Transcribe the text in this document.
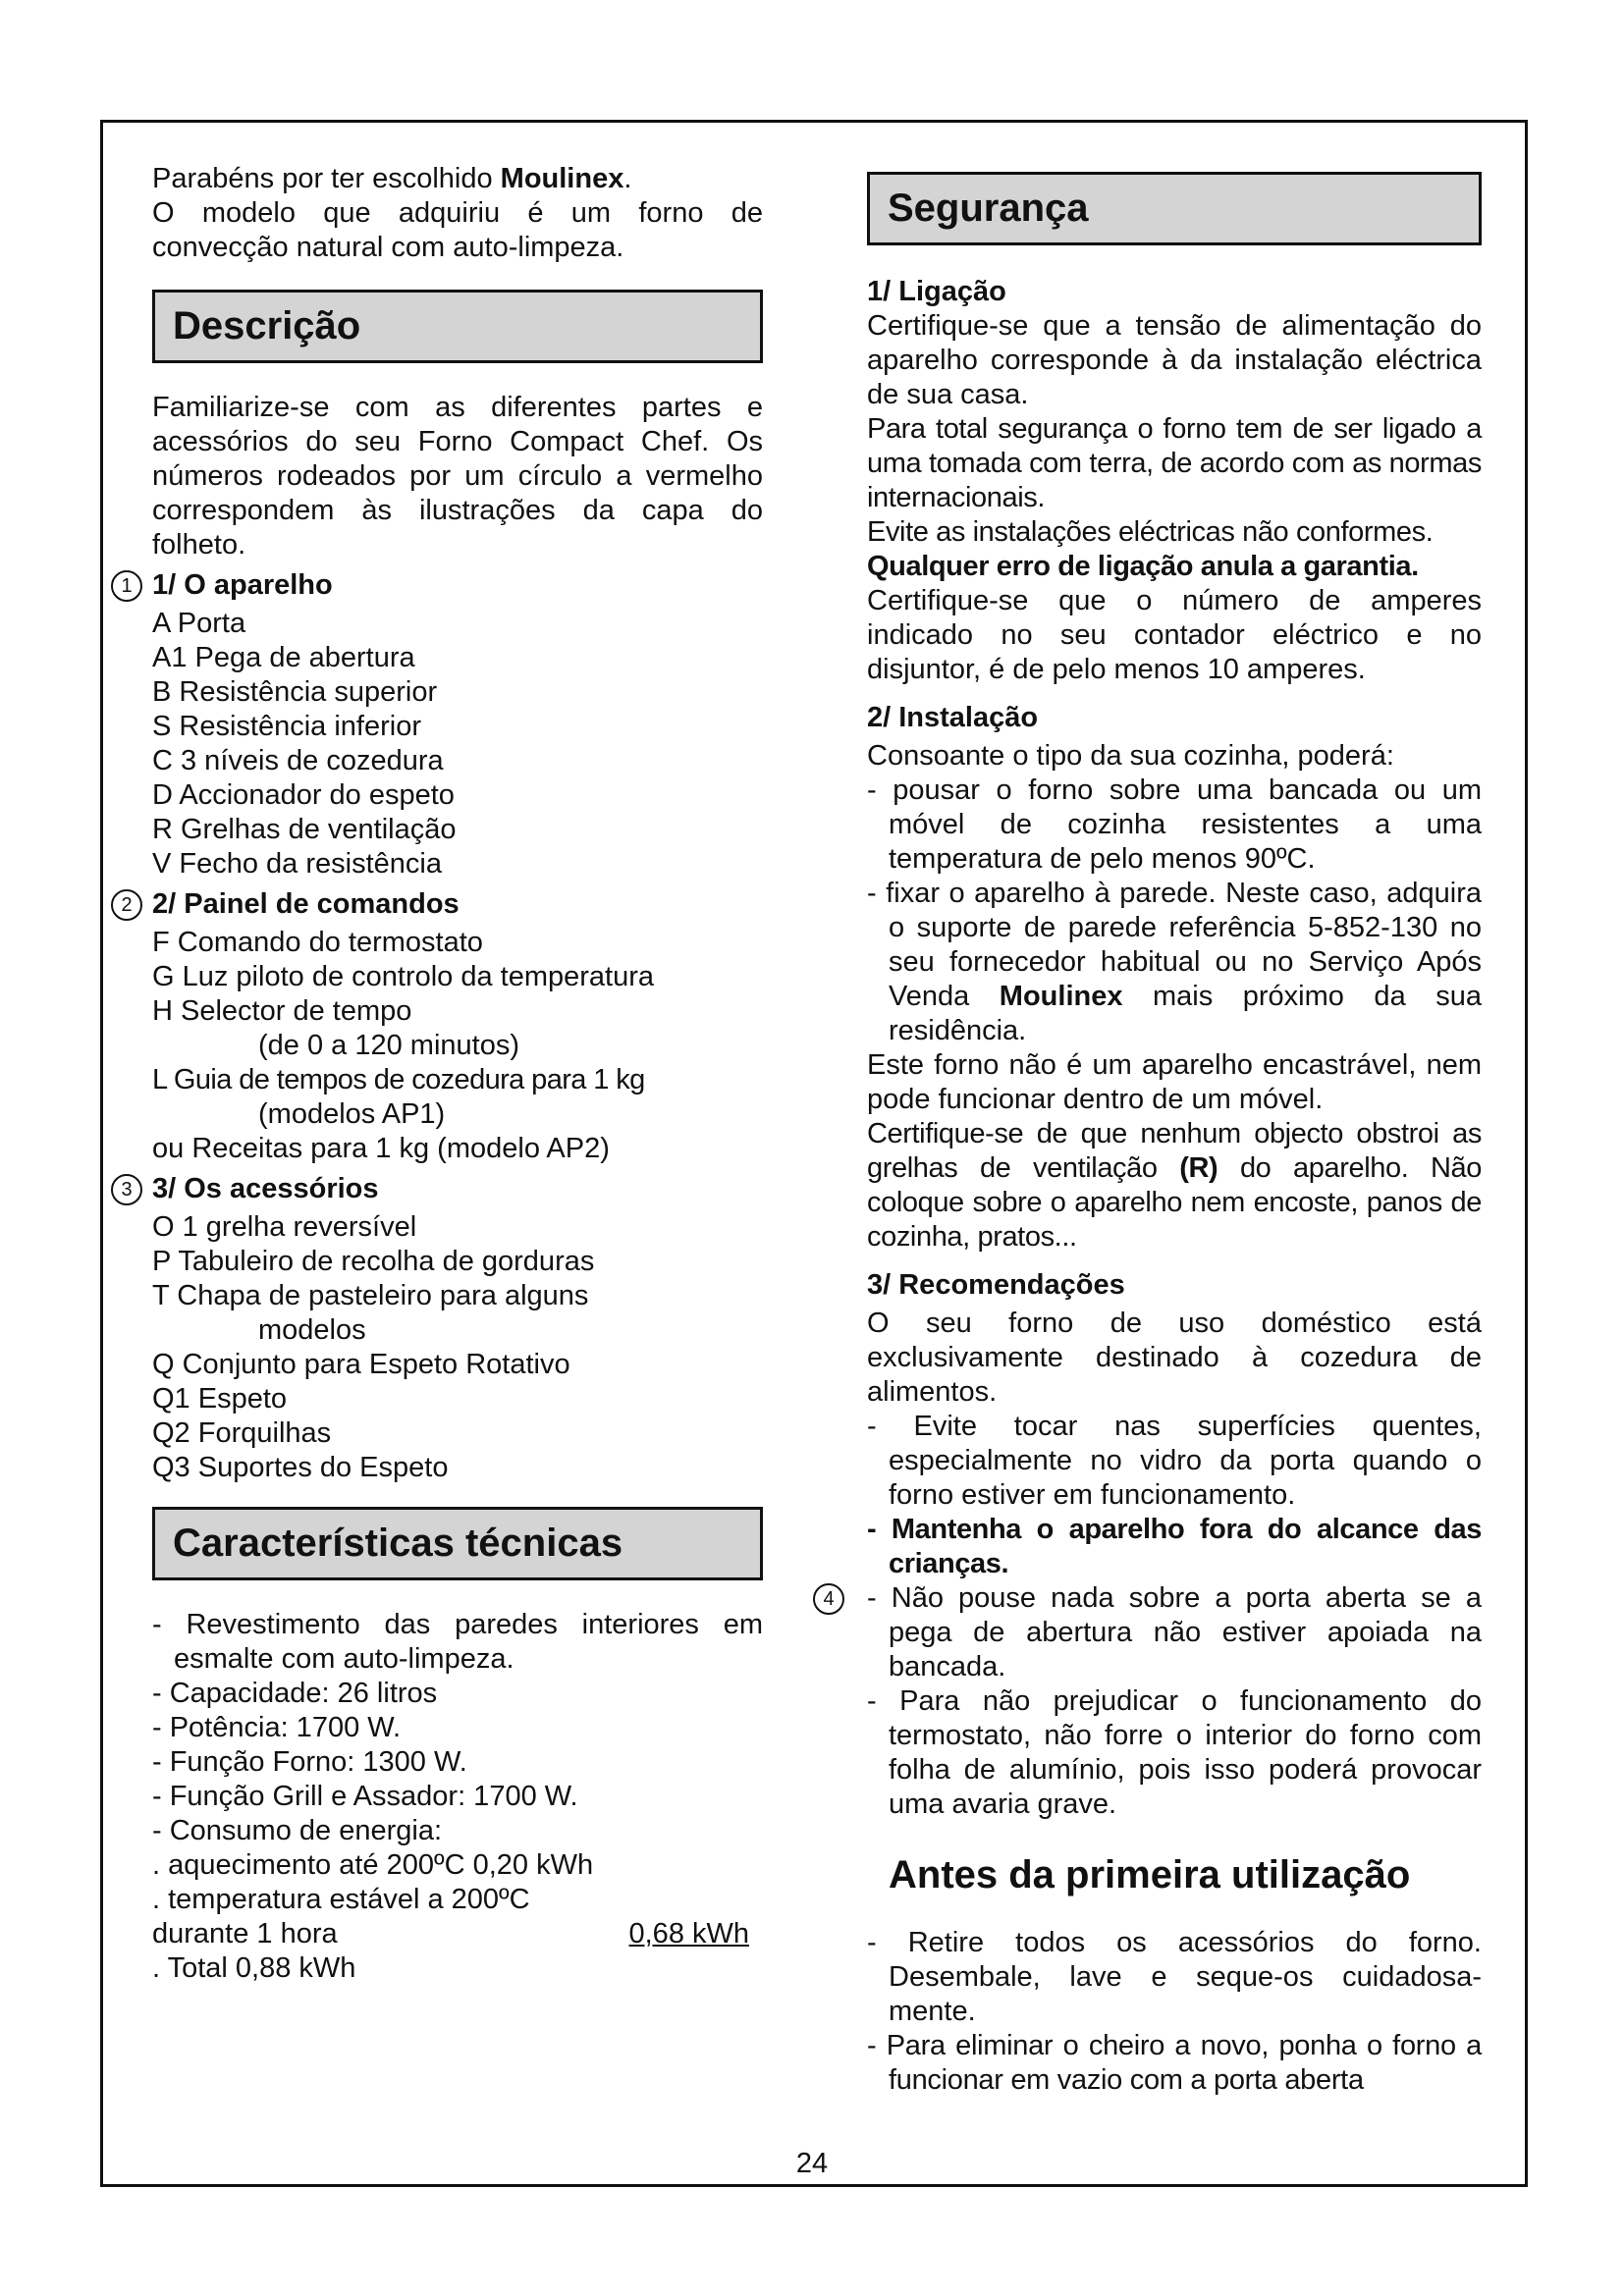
Parabéns por ter escolhido Moulinex.

O modelo que adquiriu é um forno de convecção natural com auto-limpeza.

Descrição

Familiarize-se com as diferentes partes e acessórios do seu Forno Compact Chef. Os números rodeados por um círculo a vermelho correspondem às ilustrações da capa do folheto.

1 1/ O aparelho

A Porta

A1 Pega de abertura

B Resistência superior

S Resistência inferior

C 3 níveis de cozedura

D Accionador do espeto

R Grelhas de ventilação

V Fecho da resistência

2 2/ Painel de comandos

F Comando do termostato

G Luz piloto de controlo da temperatura

H Selector de tempo

(de 0 a 120 minutos)

L Guia de tempos de cozedura para 1 kg

(modelos AP1)

ou Receitas para 1 kg (modelo AP2)

3 3/ Os acessórios

O 1 grelha reversível

P Tabuleiro de recolha de gorduras

T Chapa de pasteleiro para alguns

modelos

Q Conjunto para Espeto Rotativo

Q1 Espeto

Q2 Forquilhas

Q3 Suportes do Espeto

Características técnicas

- Revestimento das paredes interiores em esmalte com auto-limpeza.

- Capacidade: 26 litros

- Potência: 1700 W.

- Função Forno: 1300 W.

- Função Grill e Assador: 1700 W.

- Consumo de energia:

. aquecimento até 200ºC 0,20 kWh

. temperatura estável a 200ºC

durante 1 hora	0,68 kWh

. Total 0,88 kWh

Segurança

1/ Ligação

Certifique-se que a tensão de alimentação do aparelho corresponde à da instalação eléctrica de sua casa.

Para total segurança o forno tem de ser ligado a uma tomada com terra, de acordo com as normas internacionais.

Evite as instalações eléctricas não conformes.

Qualquer erro de ligação anula a garantia.

Certifique-se que o número de amperes indicado no seu contador eléctrico e no disjuntor, é de pelo menos 10 amperes.

2/ Instalação

Consoante o tipo da sua cozinha, poderá:

- pousar o forno sobre uma bancada ou um móvel de cozinha resistentes a uma temperatura de pelo menos 90ºC.

- fixar o aparelho à parede. Neste caso, adquira o suporte de parede referência 5-852-130 no seu fornecedor habitual ou no Serviço Após Venda Moulinex mais próximo da sua residência.

Este forno não é um aparelho encastrável, nem pode funcionar dentro de um móvel.

Certifique-se de que nenhum objecto obstroi as grelhas de ventilação (R) do aparelho. Não coloque sobre o aparelho nem encoste, panos de cozinha, pratos...

3/ Recomendações

O seu forno de uso doméstico está exclusivamente destinado à cozedura de alimentos.

- Evite tocar nas superfícies quentes, especialmente no vidro da porta quando o forno estiver em funcionamento.

- Mantenha o aparelho fora do alcance das crianças.

4	- Não pouse nada sobre a porta aberta se a pega de abertura não estiver apoiada na bancada.

- Para não prejudicar o funcionamento do termostato, não forre o interior do forno com folha de alumínio, pois isso poderá provocar uma avaria grave.

Antes da primeira utilização

- Retire todos os acessórios do forno. Desembale, lave e seque-os cuidadosa-mente.

- Para eliminar o cheiro a novo, ponha o forno a funcionar em vazio com a porta aberta

24
